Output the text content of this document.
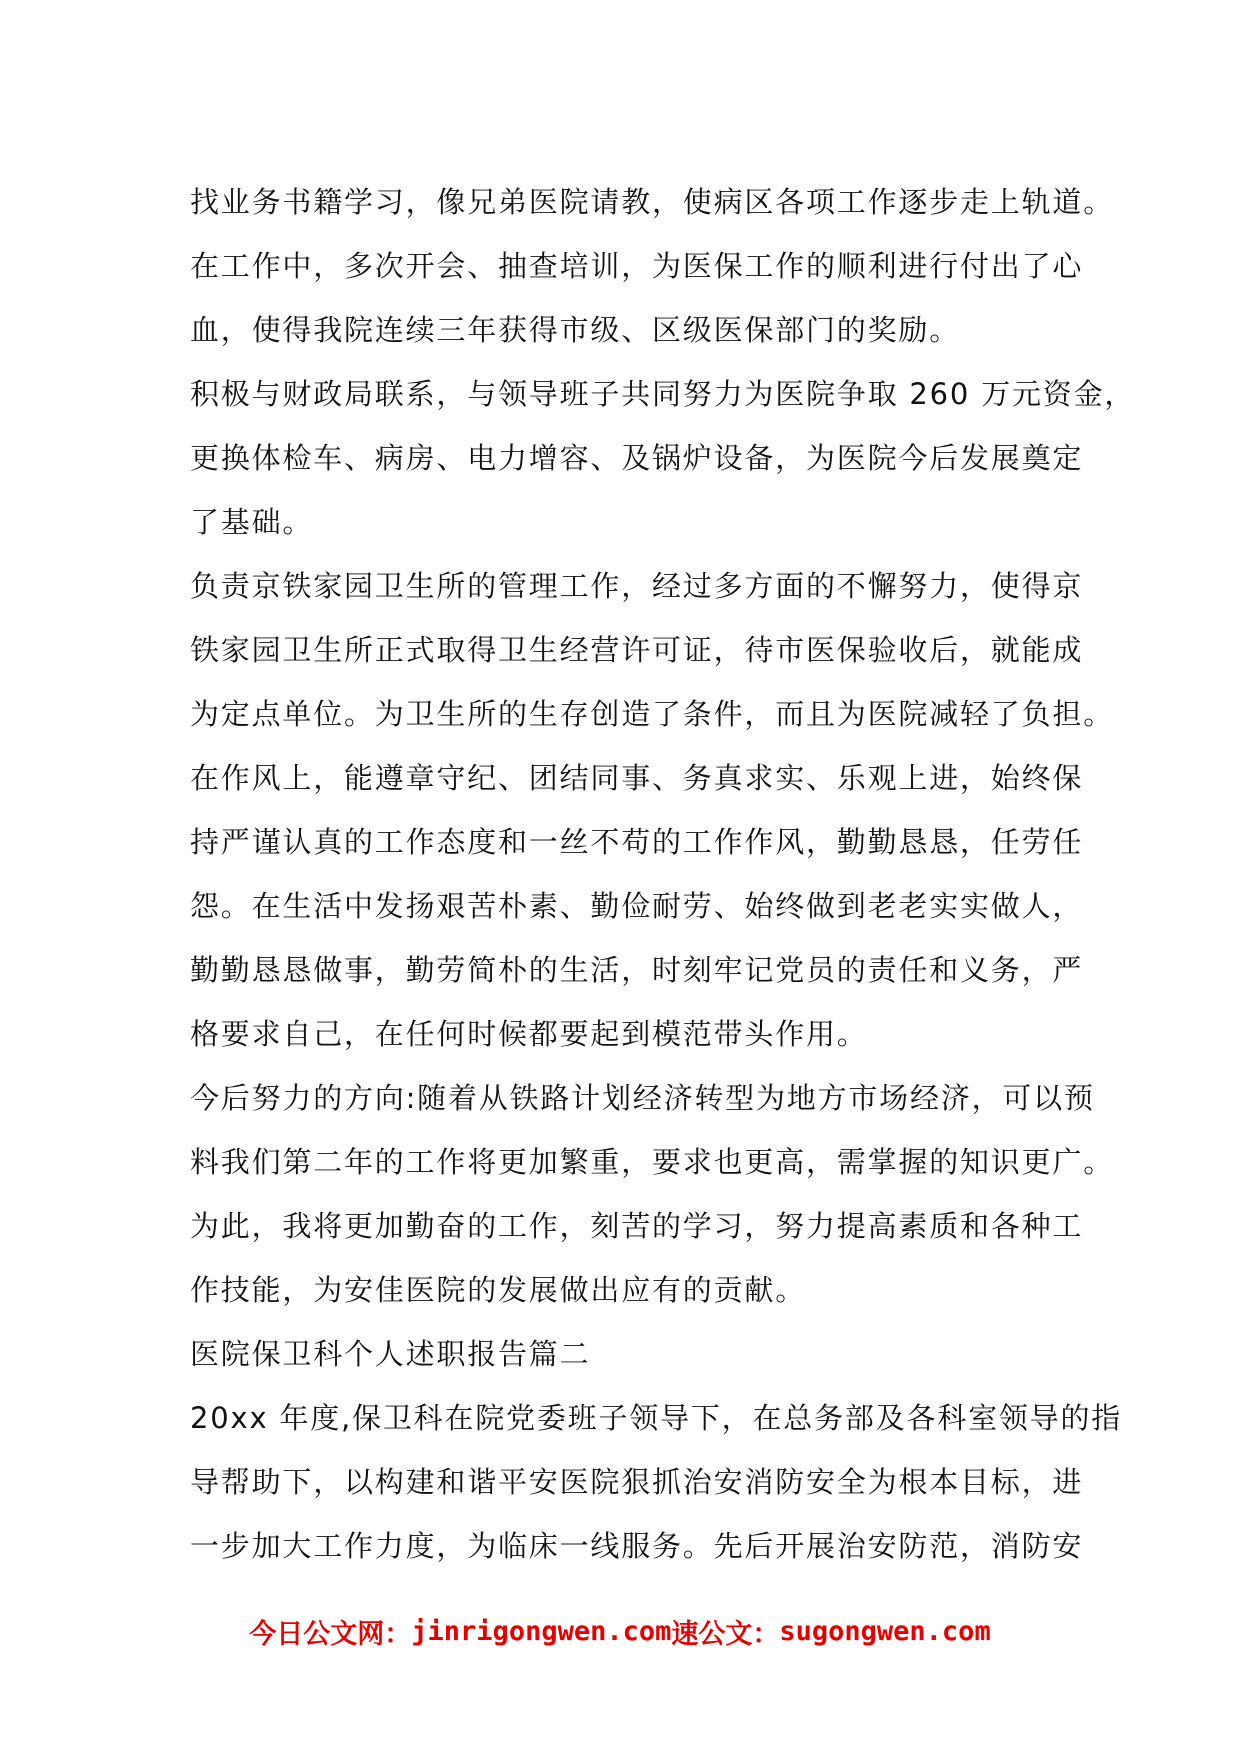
找业务书籍学习，像兄弟医院请教，使病区各项工作逐步走上轨道。
在工作中，多次开会、抽查培训，为医保工作的顺利进行付出了心
血，使得我院连续三年获得市级、区级医保部门的奖励。
积极与财政局联系，与领导班子共同努力为医院争取 260 万元资金，
更换体检车、病房、电力增容、及锅炉设备，为医院今后发展奠定
了基础。
负责京铁家园卫生所的管理工作，经过多方面的不懈努力，使得京
铁家园卫生所正式取得卫生经营许可证，待市医保验收后，就能成
为定点单位。为卫生所的生存创造了条件，而且为医院减轻了负担。
在作风上，能遵章守纪、团结同事、务真求实、乐观上进，始终保
持严谨认真的工作态度和一丝不苟的工作作风，勤勤恳恳，任劳任
怨。在生活中发扬艰苦朴素、勤俭耐劳、始终做到老老实实做人，
勤勤恳恳做事，勤劳简朴的生活，时刻牢记党员的责任和义务，严
格要求自己，在任何时候都要起到模范带头作用。
今后努力的方向:随着从铁路计划经济转型为地方市场经济，可以预
料我们第二年的工作将更加繁重，要求也更高，需掌握的知识更广。
为此，我将更加勤奋的工作，刻苦的学习，努力提高素质和各种工
作技能，为安佳医院的发展做出应有的贡献。
医院保卫科个人述职报告篇二
20xx 年度,保卫科在院党委班子领导下，在总务部及各科室领导的指
导帮助下，以构建和谐平安医院狠抓治安消防安全为根本目标，进
一步加大工作力度，为临床一线服务。先后开展治安防范，消防安
今日公文网：jinrigongwen.com速公文：sugongwen.com
